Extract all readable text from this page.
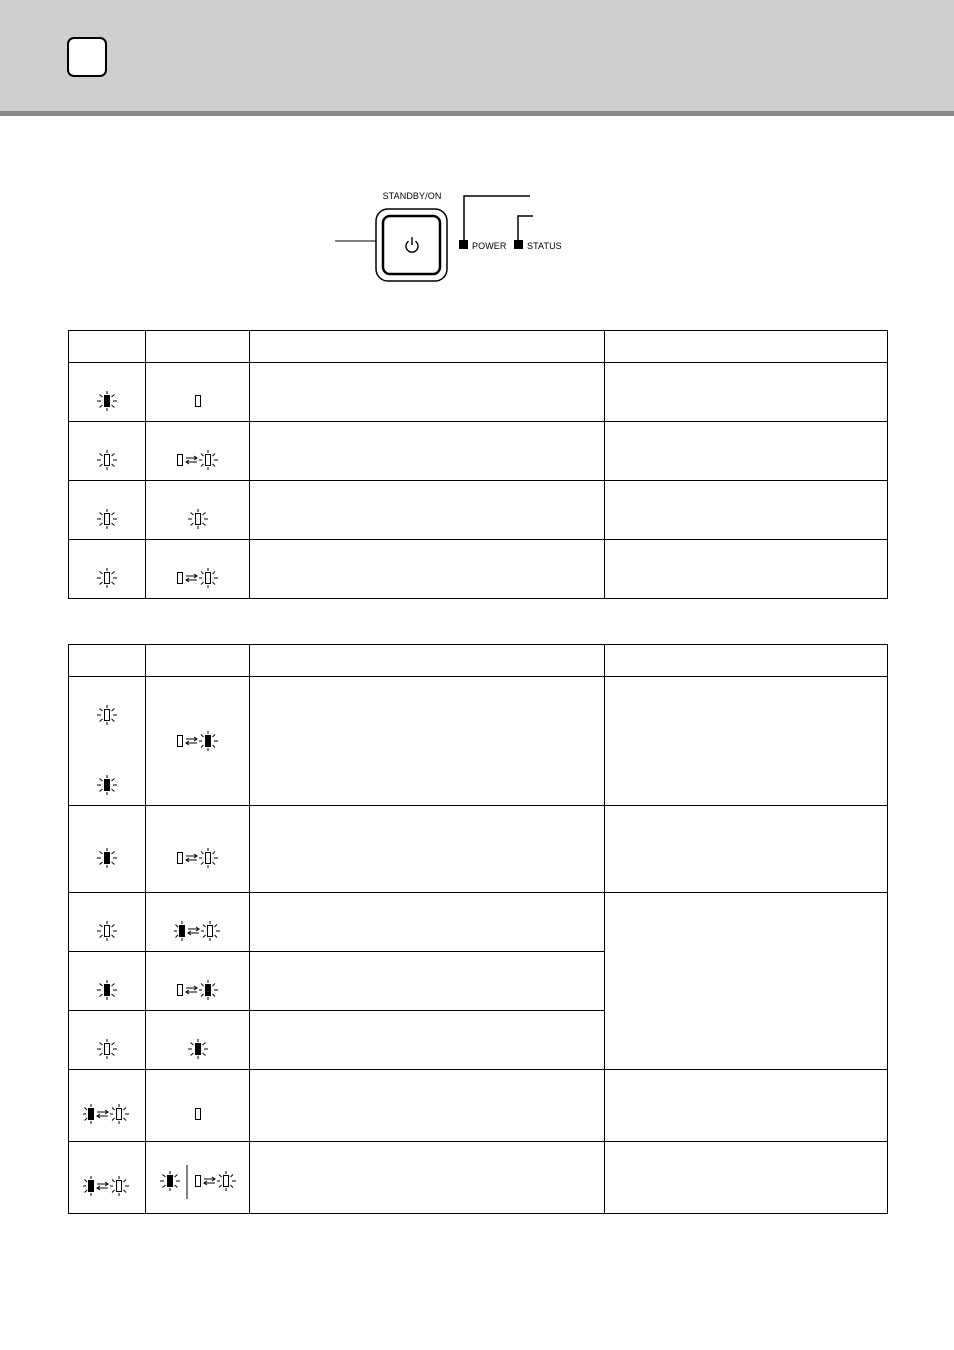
STANDBY/ON
POWER STATUS
